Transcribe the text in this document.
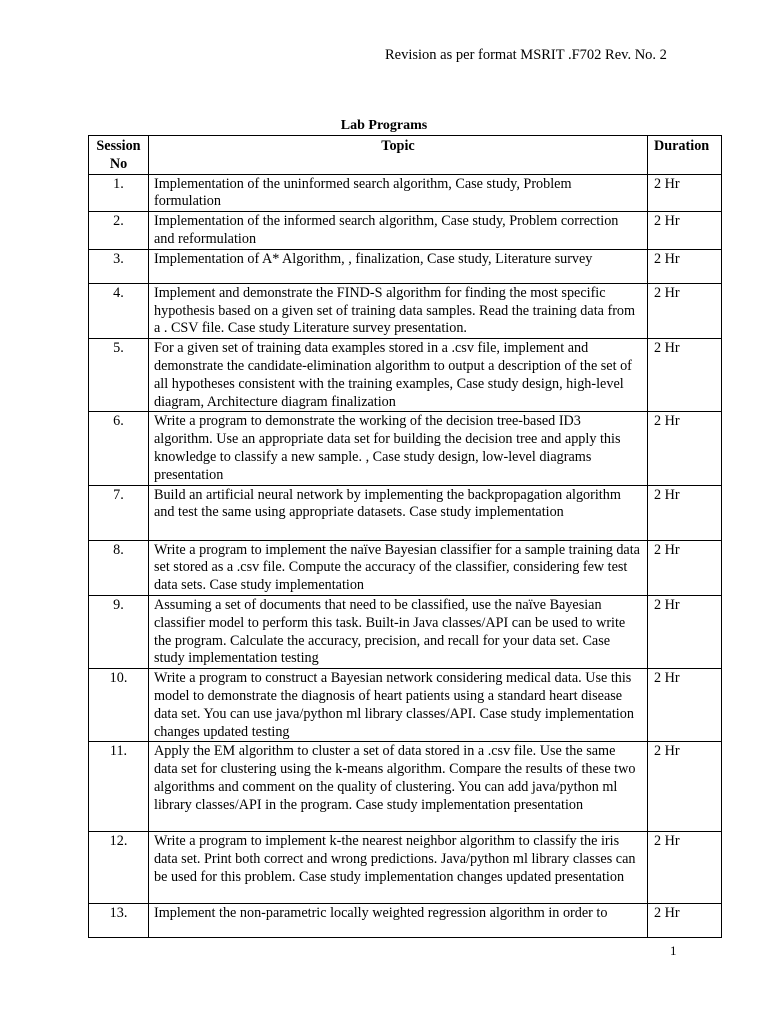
Revision as per format MSRIT .F702 Rev. No. 2
Lab Programs
Session No	Topic	Duration
1.	Implementation of the uninformed search algorithm, Case study, Problem formulation	2 Hr
2.	Implementation of the informed search algorithm, Case study, Problem correction and reformulation	2 Hr
3.	Implementation of A* Algorithm, , finalization, Case study, Literature survey	2 Hr
4.	Implement and demonstrate the FIND-S algorithm for finding the most specific hypothesis based on a given set of training data samples. Read the training data from a . CSV file. Case study Literature survey presentation.	2 Hr
5.	For a given set of training data examples stored in a .csv file, implement and demonstrate the candidate-elimination algorithm to output a description of the set of all hypotheses consistent with the training examples, Case study design, high-level diagram, Architecture diagram finalization	2 Hr
6.	Write a program to demonstrate the working of the decision tree-based ID3 algorithm. Use an appropriate data set for building the decision tree and apply this knowledge to classify a new sample. , Case study design, low-level diagrams presentation	2 Hr
7.	Build an artificial neural network by implementing the backpropagation algorithm and test the same using appropriate datasets. Case study implementation	2 Hr
8.	Write a program to implement the naïve Bayesian classifier for a sample training data set stored as a .csv file. Compute the accuracy of the classifier, considering few test data sets. Case study implementation	2 Hr
9.	Assuming a set of documents that need to be classified, use the naïve Bayesian classifier model to perform this task. Built-in Java classes/API can be used to write the program. Calculate the accuracy, precision, and recall for your data set. Case study implementation testing	2 Hr
10.	Write a program to construct a Bayesian network considering medical data. Use this model to demonstrate the diagnosis of heart patients using a standard heart disease data set. You can use java/python ml library classes/API. Case study implementation changes updated testing	2 Hr
11.	Apply the EM algorithm to cluster a set of data stored in a .csv file. Use the same data set for clustering using the k-means algorithm. Compare the results of these two algorithms and comment on the quality of clustering. You can add java/python ml library classes/API in the program. Case study implementation presentation	2 Hr
12.	Write a program to implement k-the nearest neighbor algorithm to classify the iris data set. Print both correct and wrong predictions. Java/python ml library classes can be used for this problem. Case study implementation changes updated presentation	2 Hr
13.	Implement the non-parametric locally weighted regression algorithm in order to	2 Hr
1
